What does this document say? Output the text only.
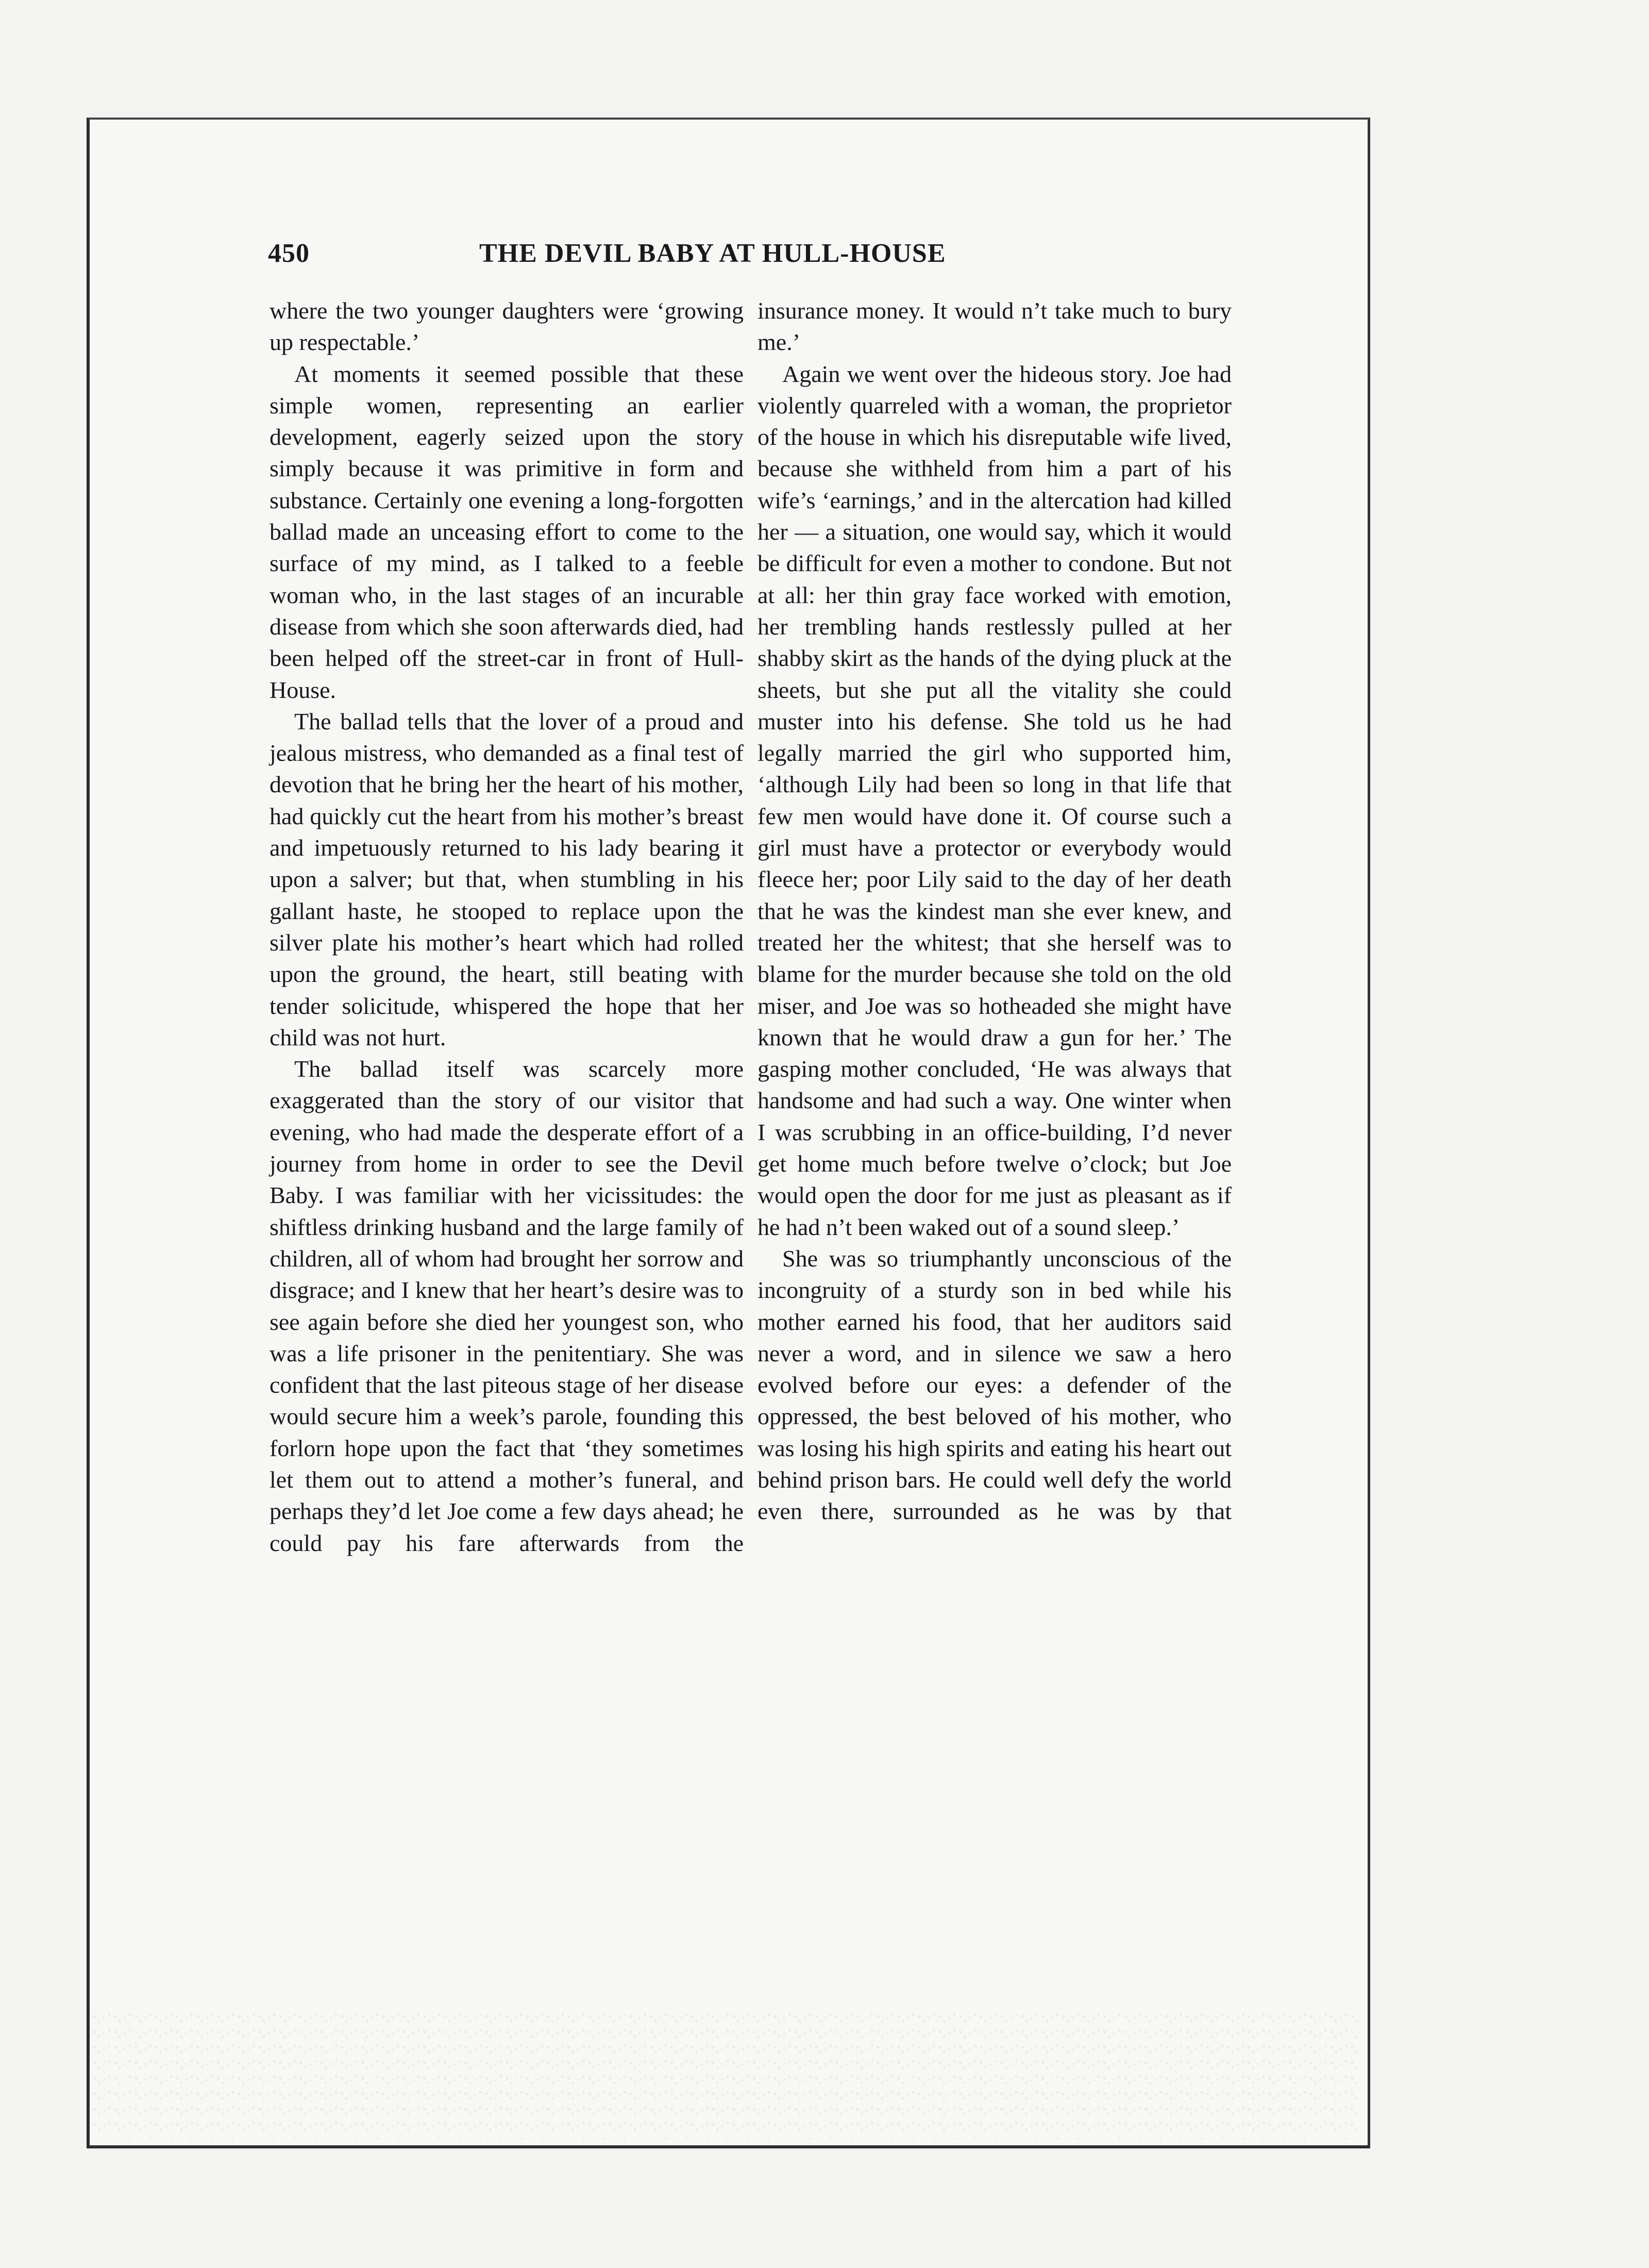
450	THE DEVIL BABY AT HULL-HOUSE

where the two younger daughters were ‘growing up respectable.’

At moments it seemed possible that these simple women, representing an earlier development, eagerly seized upon the story simply because it was primitive in form and substance. Certainly one evening a long-forgotten ballad made an unceasing effort to come to the surface of my mind, as I talked to a feeble woman who, in the last stages of an incurable disease from which she soon afterwards died, had been helped off the street-car in front of Hull-House.

The ballad tells that the lover of a proud and jealous mistress, who demanded as a final test of devotion that he bring her the heart of his mother, had quickly cut the heart from his mother’s breast and impetuously returned to his lady bearing it upon a salver; but that, when stumbling in his gallant haste, he stooped to replace upon the silver plate his mother’s heart which had rolled upon the ground, the heart, still beating with tender solicitude, whispered the hope that her child was not hurt.

The ballad itself was scarcely more exaggerated than the story of our visitor that evening, who had made the desperate effort of a journey from home in order to see the Devil Baby. I was familiar with her vicissitudes: the shiftless drinking husband and the large family of children, all of whom had brought her sorrow and disgrace; and I knew that her heart’s desire was to see again before she died her youngest son, who was a life prisoner in the penitentiary. She was confident that the last piteous stage of her disease would secure him a week’s parole, founding this forlorn hope upon the fact that ‘they sometimes let them out to attend a mother’s funeral, and perhaps they’d let Joe come a few days ahead; he could pay his fare afterwards from the

insurance money. It would n’t take much to bury me.’

Again we went over the hideous story. Joe had violently quarreled with a woman, the proprietor of the house in which his disreputable wife lived, because she withheld from him a part of his wife’s ‘earnings,’ and in the altercation had killed her — a situation, one would say, which it would be difficult for even a mother to condone. But not at all: her thin gray face worked with emotion, her trembling hands restlessly pulled at her shabby skirt as the hands of the dying pluck at the sheets, but she put all the vitality she could muster into his defense. She told us he had legally married the girl who supported him, ‘although Lily had been so long in that life that few men would have done it. Of course such a girl must have a protector or everybody would fleece her; poor Lily said to the day of her death that he was the kindest man she ever knew, and treated her the whitest; that she herself was to blame for the murder because she told on the old miser, and Joe was so hotheaded she might have known that he would draw a gun for her.’ The gasping mother concluded, ‘He was always that handsome and had such a way. One winter when I was scrubbing in an office-building, I’d never get home much before twelve o’clock; but Joe would open the door for me just as pleasant as if he had n’t been waked out of a sound sleep.’

She was so triumphantly unconscious of the incongruity of a sturdy son in bed while his mother earned his food, that her auditors said never a word, and in silence we saw a hero evolved before our eyes: a defender of the oppressed, the best beloved of his mother, who was losing his high spirits and eating his heart out behind prison bars. He could well defy the world even there, surrounded as he was by that
